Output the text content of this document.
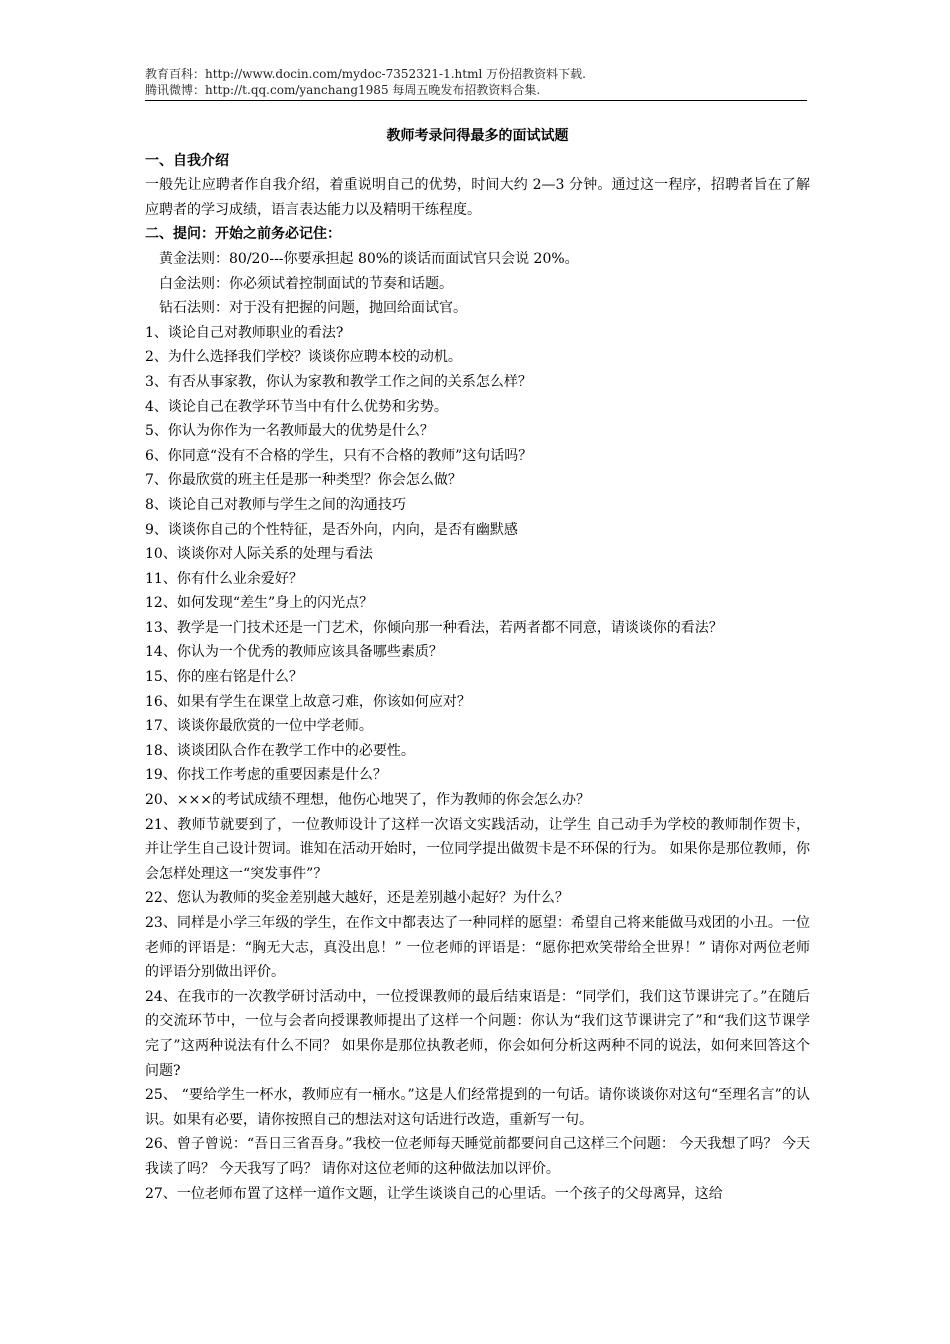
教育百科：http://www.docin.com/mydoc-7352321-1.html 万份招教资料下载.
腾讯微博：http://t.qq.com/yanchang1985 每周五晚发布招教资料合集.

教师考录问得最多的面试试题

一、自我介绍

一般先让应聘者作自我介绍，着重说明自己的优势，时间大约 2—3 分钟。通过这一程序，招聘者旨在了解应聘者的学习成绩，语言表达能力以及精明干练程度。

二、提问：开始之前务必记住：

黄金法则：80/20---你要承担起 80%的谈话而面试官只会说 20%。

白金法则：你必须试着控制面试的节奏和话题。

钻石法则：对于没有把握的问题，抛回给面试官。

1、谈论自己对教师职业的看法?

2、为什么选择我们学校？谈谈你应聘本校的动机。

3、有否从事家教，你认为家教和教学工作之间的关系怎么样？

4、谈论自己在教学环节当中有什么优势和劣势。

5、你认为你作为一名教师最大的优势是什么？

6、你同意“没有不合格的学生，只有不合格的教师”这句话吗？

7、你最欣赏的班主任是那一种类型？你会怎么做？

8、谈论自己对教师与学生之间的沟通技巧

9、谈谈你自己的个性特征，是否外向，内向，是否有幽默感

10、谈谈你对人际关系的处理与看法

11、你有什么业余爱好？

12、如何发现“差生”身上的闪光点？

13、教学是一门技术还是一门艺术，你倾向那一种看法，若两者都不同意，请谈谈你的看法？

14、你认为一个优秀的教师应该具备哪些素质？

15、你的座右铭是什么？

16、如果有学生在课堂上故意刁难，你该如何应对？

17、谈谈你最欣赏的一位中学老师。

18、谈谈团队合作在教学工作中的必要性。

19、你找工作考虑的重要因素是什么？

20、×××的考试成绩不理想，他伤心地哭了，作为教师的你会怎么办？

21、教师节就要到了，一位教师设计了这样一次语文实践活动，让学生 自己动手为学校的教师制作贺卡，并让学生自己设计贺词。谁知在活动开始时，一位同学提出做贺卡是不环保的行为。 如果你是那位教师，你会怎样处理这一“突发事件”？

22、您认为教师的奖金差别越大越好，还是差别越小起好？为什么？

23、同样是小学三年级的学生，在作文中都表达了一种同样的愿望：希望自己将来能做马戏团的小丑。一位老师的评语是：“胸无大志，真没出息！” 一位老师的评语是：“愿你把欢笑带给全世界！” 请你对两位老师的评语分别做出评价。

24、在我市的一次教学研讨活动中，一位授课教师的最后结束语是：“同学们，我们这节课讲完了。”在随后的交流环节中，一位与会者向授课教师提出了这样一个问题：你认为“我们这节课讲完了”和“我们这节课学完了”这两种说法有什么不同？ 如果你是那位执教老师，你会如何分析这两种不同的说法，如何来回答这个问题?

25、 “要给学生一杯水，教师应有一桶水。”这是人们经常提到的一句话。请你谈谈你对这句“至理名言”的认识。如果有必要，请你按照自己的想法对这句话进行改造，重新写一句。

26、曾子曾说：“吾日三省吾身。”我校一位老师每天睡觉前都要问自己这样三个问题： 今天我想了吗？ 今天我读了吗？ 今天我写了吗？ 请你对这位老师的这种做法加以评价。

27、一位老师布置了这样一道作文题，让学生谈谈自己的心里话。一个孩子的父母离异，这给
